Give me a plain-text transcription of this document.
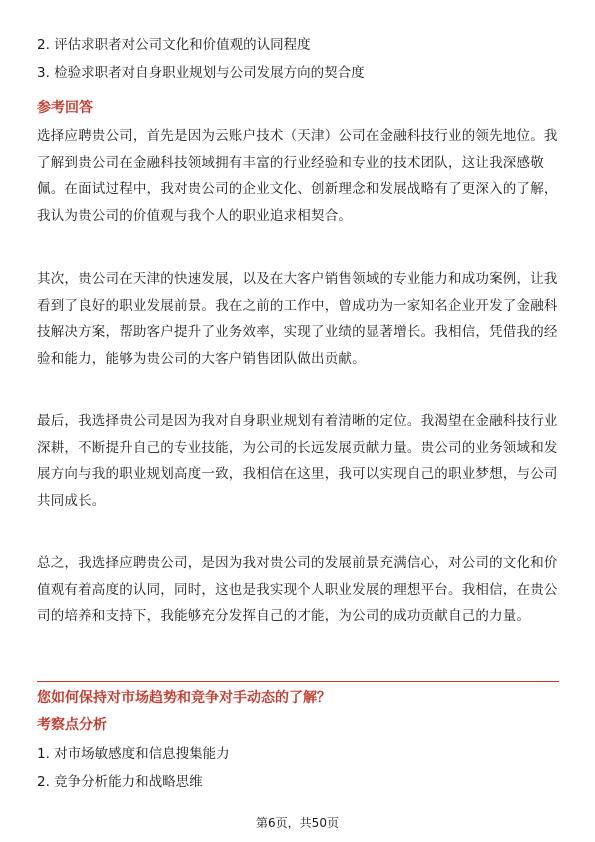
2. 评估求职者对公司文化和价值观的认同程度

3. 检验求职者对自身职业规划与公司发展方向的契合度

参考回答

选择应聘贵公司，首先是因为云账户技术（天津）公司在金融科技行业的领先地位。我了解到贵公司在金融科技领域拥有丰富的行业经验和专业的技术团队，这让我深感敬佩。在面试过程中，我对贵公司的企业文化、创新理念和发展战略有了更深入的了解，我认为贵公司的价值观与我个人的职业追求相契合。

其次，贵公司在天津的快速发展，以及在大客户销售领域的专业能力和成功案例，让我看到了良好的职业发展前景。我在之前的工作中，曾成功为一家知名企业开发了金融科技解决方案，帮助客户提升了业务效率，实现了业绩的显著增长。我相信，凭借我的经验和能力，能够为贵公司的大客户销售团队做出贡献。

最后，我选择贵公司是因为我对自身职业规划有着清晰的定位。我渴望在金融科技行业深耕，不断提升自己的专业技能，为公司的长远发展贡献力量。贵公司的业务领域和发展方向与我的职业规划高度一致，我相信在这里，我可以实现自己的职业梦想，与公司共同成长。

总之，我选择应聘贵公司，是因为我对贵公司的发展前景充满信心，对公司的文化和价值观有着高度的认同，同时，这也是我实现个人职业发展的理想平台。我相信，在贵公司的培养和支持下，我能够充分发挥自己的才能，为公司的成功贡献自己的力量。

您如何保持对市场趋势和竞争对手动态的了解？

考察点分析

1. 对市场敏感度和信息搜集能力

2. 竞争分析能力和战略思维

第6页，共50页
